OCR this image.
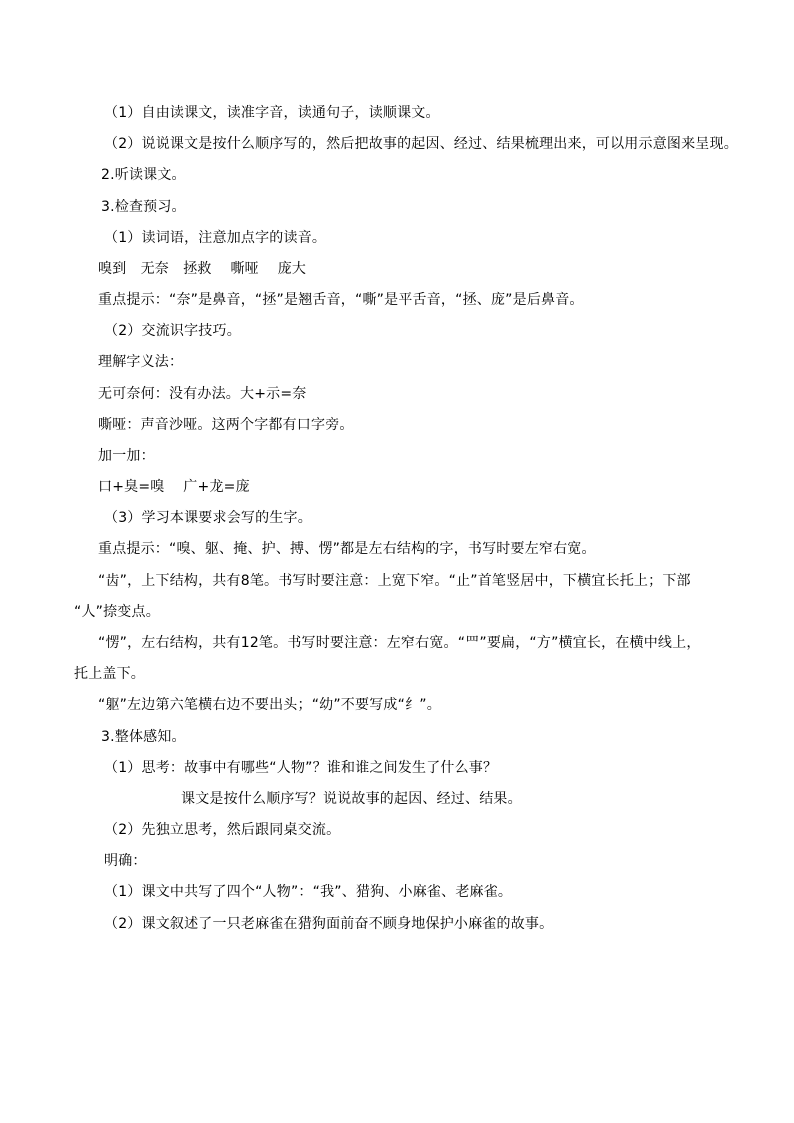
（1）自由读课文，读准字音，读通句子，读顺课文。
（2）说说课文是按什么顺序写的，然后把故事的起因、经过、结果梳理出来，可以用示意图来呈现。
2.听读课文。
3.检查预习。
（1）读词语，注意加点字的读音。
嗅到　无奈　拯救　 嘶哑　 庞大
重点提示：“奈”是鼻音，“拯”是翘舌音，“嘶”是平舌音，“拯、庞”是后鼻音。
（2）交流识字技巧。
理解字义法：
无可奈何：没有办法。大+示=奈
嘶哑：声音沙哑。这两个字都有口字旁。
加一加：
口+臭=嗅　 广+龙=庞
（3）学习本课要求会写的生字。
重点提示：“嗅、躯、掩、护、搏、愣”都是左右结构的字，书写时要左窄右宽。
“齿”，上下结构，共有8笔。书写时要注意：上宽下窄。“止”首笔竖居中，下横宜长托上；下部
“人”捺变点。
“愣”，左右结构，共有12笔。书写时要注意：左窄右宽。“罒”要扁，“方”横宜长，在横中线上，
托上盖下。
“躯”左边第六笔横右边不要出头；“幼”不要写成“纟”。
3.整体感知。
（1）思考：故事中有哪些“人物”？谁和谁之间发生了什么事？
课文是按什么顺序写？说说故事的起因、经过、结果。
（2）先独立思考，然后跟同桌交流。
明确：
（1）课文中共写了四个“人物”：“我”、猎狗、小麻雀、老麻雀。
（2）课文叙述了一只老麻雀在猎狗面前奋不顾身地保护小麻雀的故事。
